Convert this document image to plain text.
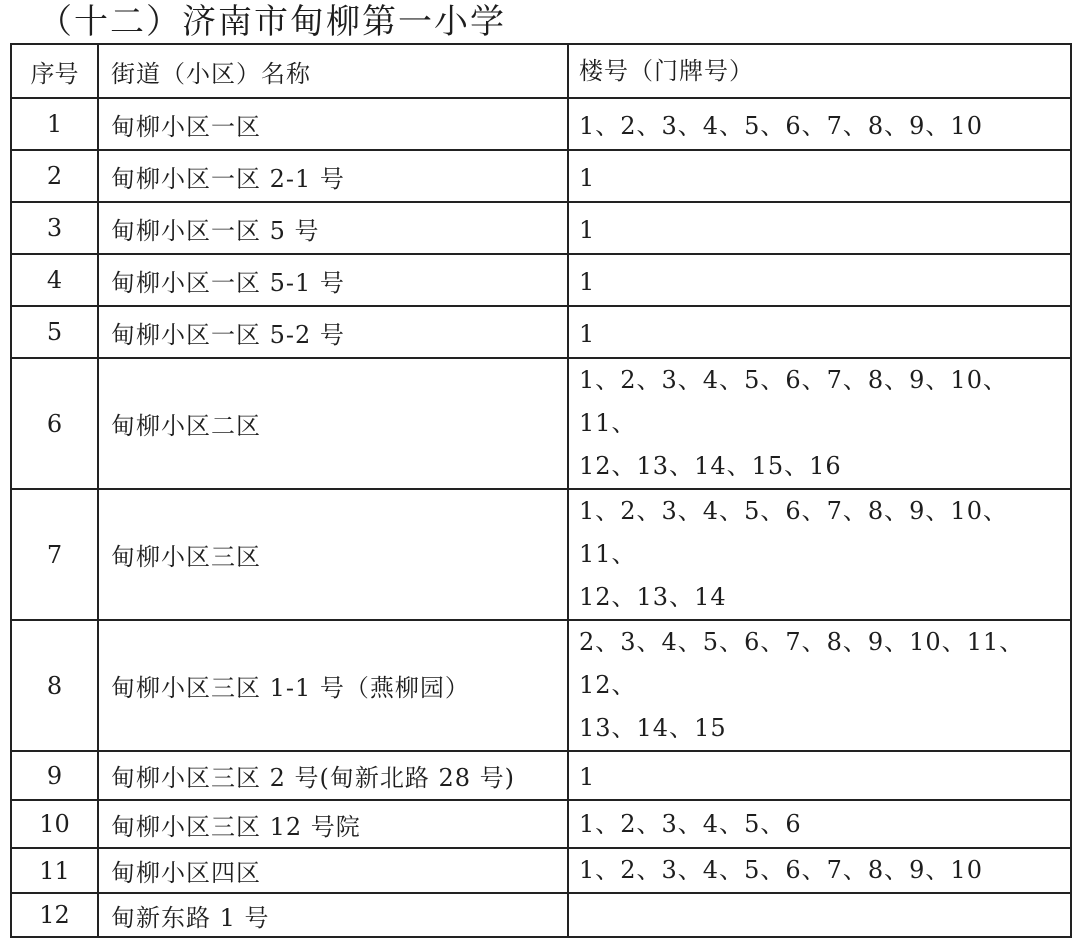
（十二）济南市甸柳第一小学
序号	街道（小区）名称	楼号（门牌号）
1	甸柳小区一区	1、2、3、4、5、6、7、8、9、10
2	甸柳小区一区 2-1 号	1
3	甸柳小区一区 5 号	1
4	甸柳小区一区 5-1 号	1
5	甸柳小区一区 5-2 号	1
6	甸柳小区二区	1、2、3、4、5、6、7、8、9、10、11、
12、13、14、15、16

7	甸柳小区三区	1、2、3、4、5、6、7、8、9、10、11、
12、13、14

8	甸柳小区三区 1-1 号（燕柳园）	2、3、4、5、6、7、8、9、10、11、12、
13、14、15

9	甸柳小区三区 2 号(甸新北路 28 号)	1
10	甸柳小区三区 12 号院	1、2、3、4、5、6
11	甸柳小区四区	1、2、3、4、5、6、7、8、9、10
12	甸新东路 1 号	
